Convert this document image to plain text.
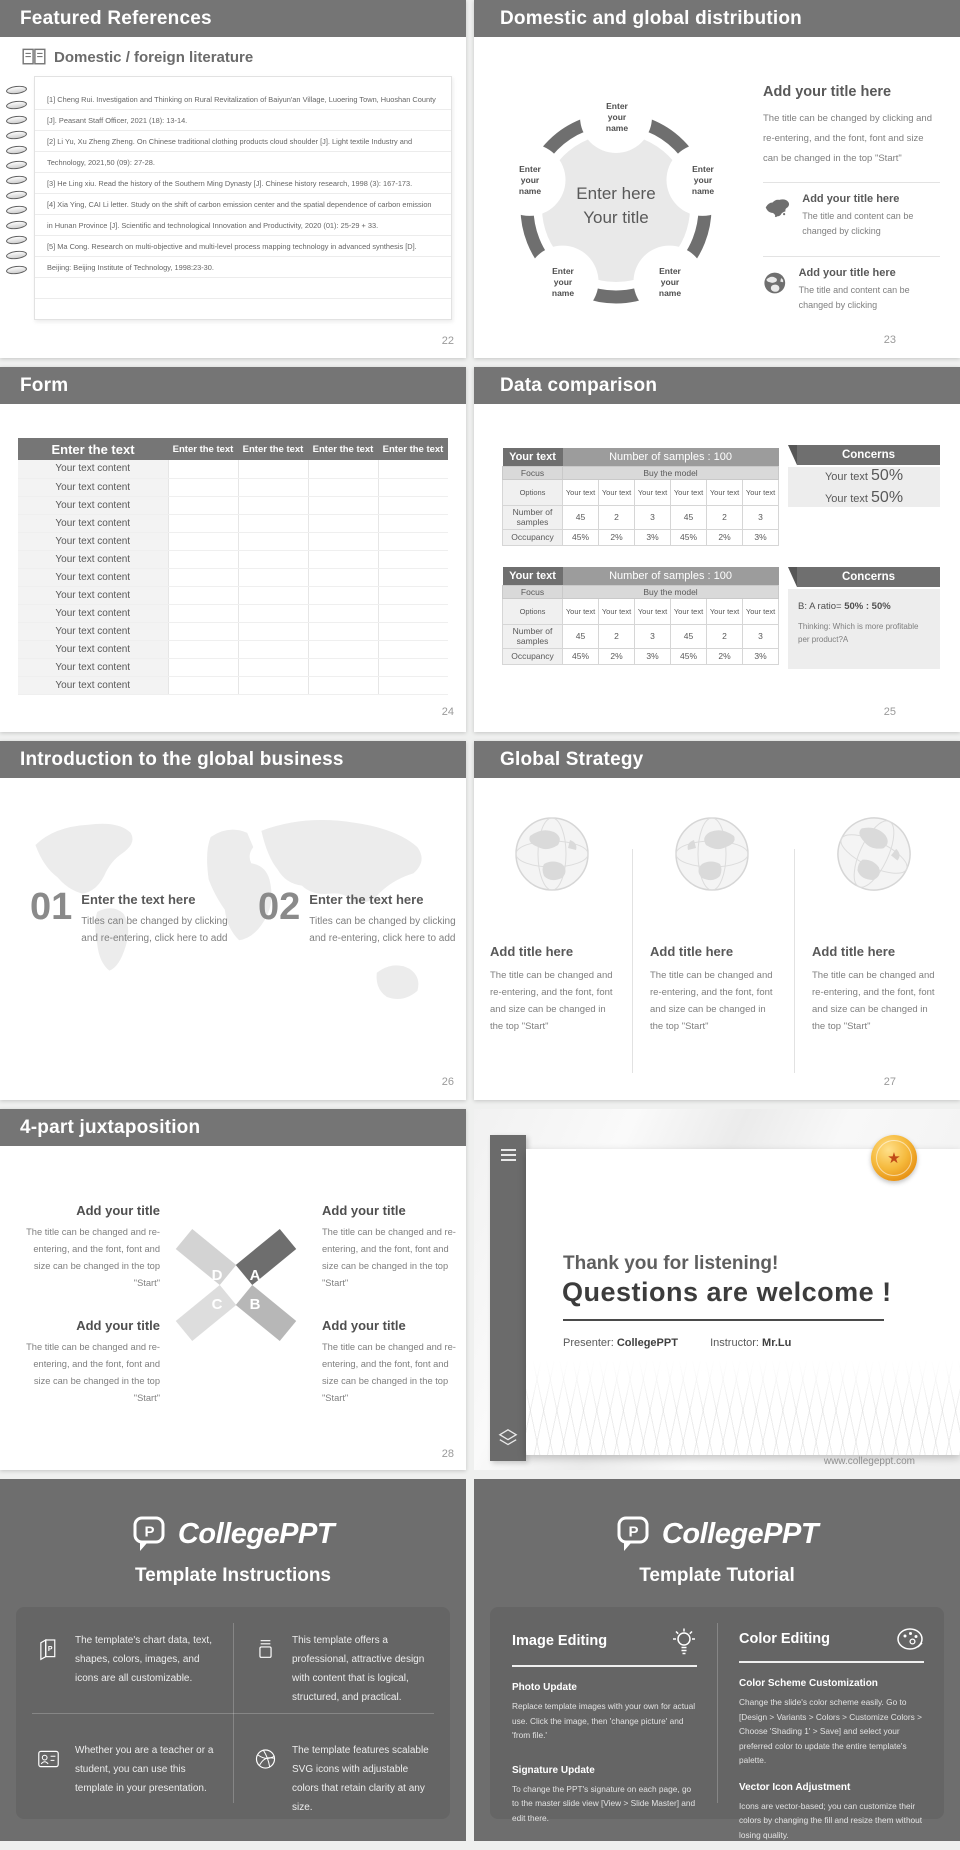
Featured References
Domestic / foreign literature

[1] Cheng Rui. Investigation and Thinking on Rural Revitalization of Baiyun'an Village, Luoering Town, Huoshan County [J]. Peasant Staff Officer, 2021 (18): 13-14.

[2] Li Yu, Xu Zheng Zheng. On Chinese traditional clothing products cloud shoulder [J]. Light textile Industry and Technology, 2021,50 (09): 27-28.

[3] He Ling xiu. Read the history of the Southern Ming Dynasty [J]. Chinese history research, 1998 (3): 167-173.

[4] Xia Ying, CAI Li letter. Study on the shift of carbon emission center and the spatial dependence of carbon emission in Hunan Province [J]. Scientific and technological Innovation and Productivity, 2020 (01): 25-29 + 33.

[5] Ma Cong. Research on multi-objective and multi-level process mapping technology in advanced synthesis [D]. Beijing: Beijing Institute of Technology, 1998:23-30.

22
Domestic and global distribution
Enter your name
Enter your name
Enter your name
Enter your name
Enter your name	Enter here
Your title
Add your title here
The title can be changed by clicking and re-entering, and the font, font and size can be changed in the top "Start"
Add your title here

The title and content can be changed by clicking

Add your title here

The title and content can be changed by clicking

23
Form
Enter the text	Enter the text	Enter the text	Enter the text	Enter the text
Your text content				
Your text content				
Your text content				
Your text content				
Your text content				
Your text content				
Your text content				
Your text content				
Your text content				
Your text content				
Your text content				
Your text content				
Your text content				
24
Data comparison
Your text	Number of samples : 100					
Focus	Buy the model					
Options	Your text	Your text	Your text	Your text	Your text	Your text
Number of samples	45	2	3	45	2	3
Occupancy	45%	2%	3%	45%	2%	3%
Your text	Number of samples : 100					
Focus	Buy the model					
Options	Your text	Your text	Your text	Your text	Your text	Your text
Number of samples	45	2	3	45	2	3
Occupancy	45%	2%	3%	45%	2%	3%
Concerns
Your text 50%
Your text 50%
Concerns
B: A ratio= 50% : 50%
Thinking: Which is more profitable per product?A
25
Introduction to the global business
01 Enter the text here

Titles can be changed by clicking and re-entering, click here to add

02 Enter the text here

Titles can be changed by clicking and re-entering, click here to add

26
Global Strategy
Add title here

The title can be changed and re-entering, and the font, font and size can be changed in the top "Start"

Add title here

The title can be changed and re-entering, and the font, font and size can be changed in the top "Start"

Add title here

The title can be changed and re-entering, and the font, font and size can be changed in the top "Start"

27
4-part juxtaposition
Add your title

The title can be changed and re-entering, and the font, font and size can be changed in the top "Start"

Add your title

The title can be changed and re-entering, and the font, font and size can be changed in the top "Start"

Add your title

The title can be changed and re-entering, and the font, font and size can be changed in the top "Start"

Add your title

The title can be changed and re-entering, and the font, font and size can be changed in the top "Start"

D A
C B
28
Thank you for listening!
Questions are welcome !
Presenter: CollegePPT	Instructor: Mr.Lu
★
www.collegeppt.com
P CollegePPT
Template Instructions
P

The template's chart data, text, shapes, colors, images, and icons are all customizable.

This template offers a professional, attractive design with content that is logical, structured, and practical.

Whether you are a teacher or a student, you can use this template in your presentation.

The template features scalable SVG icons with adjustable colors that retain clarity at any size.

P CollegePPT
Template Tutorial
Image Editing
Photo Update
Replace template images with your own for actual use. Click the image, then 'change picture' and 'from file.'
Signature Update
To change the PPT's signature on each page, go to the master slide view [View > Slide Master] and edit there.
Color Editing
Color Scheme Customization
Change the slide's color scheme easily. Go to [Design > Variants > Colors > Customize Colors > Choose 'Shading 1' > Save] and select your preferred color to update the entire template's palette.
Vector Icon Adjustment
Icons are vector-based; you can customize their colors by changing the fill and resize them without losing quality.
